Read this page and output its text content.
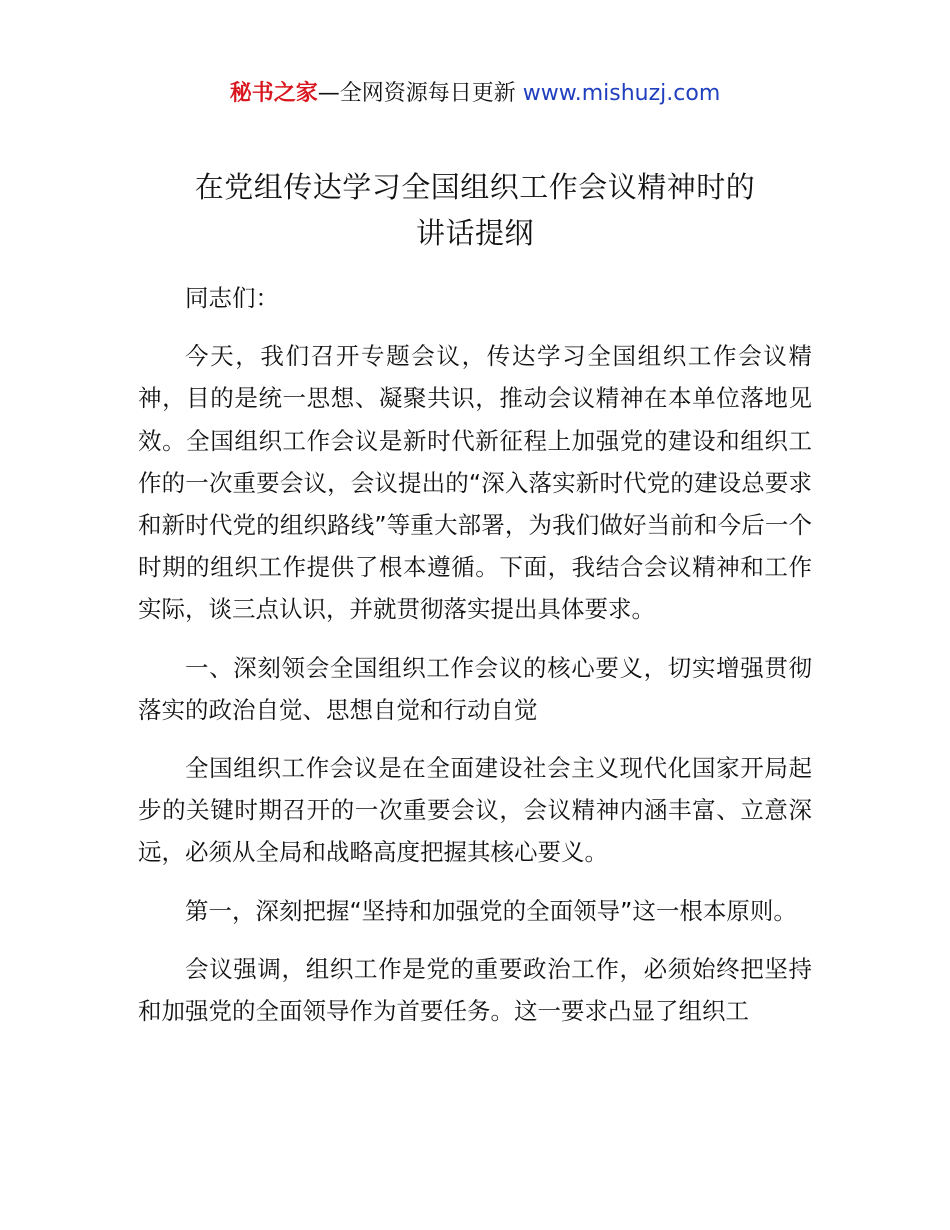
秘书之家—全网资源每日更新 www.mishuzj.com
在党组传达学习全国组织工作会议精神时的
讲话提纲

同志们：

今天，我们召开专题会议，传达学习全国组织工作会议精神，目的是统一思想、凝聚共识，推动会议精神在本单位落地见效。全国组织工作会议是新时代新征程上加强党的建设和组织工作的一次重要会议，会议提出的“深入落实新时代党的建设总要求和新时代党的组织路线”等重大部署，为我们做好当前和今后一个时期的组织工作提供了根本遵循。下面，我结合会议精神和工作实际，谈三点认识，并就贯彻落实提出具体要求。

一、深刻领会全国组织工作会议的核心要义，切实增强贯彻落实的政治自觉、思想自觉和行动自觉

全国组织工作会议是在全面建设社会主义现代化国家开局起步的关键时期召开的一次重要会议，会议精神内涵丰富、立意深远，必须从全局和战略高度把握其核心要义。

第一，深刻把握“坚持和加强党的全面领导”这一根本原则。

会议强调，组织工作是党的重要政治工作，必须始终把坚持和加强党的全面领导作为首要任务。这一要求凸显了组织工
